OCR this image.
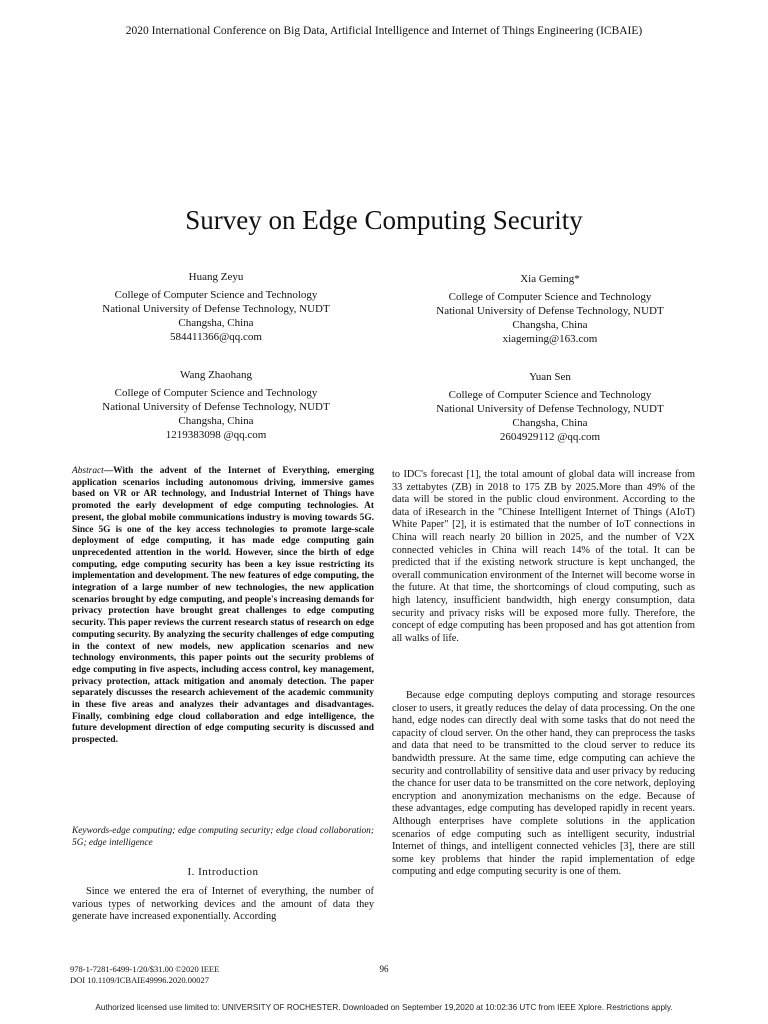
2020 International Conference on Big Data, Artificial Intelligence and Internet of Things Engineering (ICBAIE)
Survey on Edge Computing Security
Huang Zeyu
College of Computer Science and Technology
National University of Defense Technology, NUDT
Changsha, China
584411366@qq.com
Xia Geming*
College of Computer Science and Technology
National University of Defense Technology, NUDT
Changsha, China
xiageming@163.com
Wang Zhaohang
College of Computer Science and Technology
National University of Defense Technology, NUDT
Changsha, China
1219383098 @qq.com
Yuan Sen
College of Computer Science and Technology
National University of Defense Technology, NUDT
Changsha, China
2604929112 @qq.com
Abstract—With the advent of the Internet of Everything, emerging application scenarios including autonomous driving, immersive games based on VR or AR technology, and Industrial Internet of Things have promoted the early development of edge computing technologies. At present, the global mobile communications industry is moving towards 5G. Since 5G is one of the key access technologies to promote large-scale deployment of edge computing, it has made edge computing gain unprecedented attention in the world. However, since the birth of edge computing, edge computing security has been a key issue restricting its implementation and development. The new features of edge computing, the integration of a large number of new technologies, the new application scenarios brought by edge computing, and people's increasing demands for privacy protection have brought great challenges to edge computing security. This paper reviews the current research status of research on edge computing security. By analyzing the security challenges of edge computing in the context of new models, new application scenarios and new technology environments, this paper points out the security problems of edge computing in five aspects, including access control, key management, privacy protection, attack mitigation and anomaly detection. The paper separately discusses the research achievement of the academic community in these five areas and analyzes their advantages and disadvantages. Finally, combining edge cloud collaboration and edge intelligence, the future development direction of edge computing security is discussed and prospected.
Keywords-edge computing; edge computing security; edge cloud collaboration; 5G; edge intelligence
I. Introduction
Since we entered the era of Internet of everything, the number of various types of networking devices and the amount of data they generate have increased exponentially. According
to IDC's forecast [1], the total amount of global data will increase from 33 zettabytes (ZB) in 2018 to 175 ZB by 2025.More than 49% of the data will be stored in the public cloud environment. According to the data of iResearch in the "Chinese Intelligent Internet of Things (AIoT) White Paper" [2], it is estimated that the number of IoT connections in China will reach nearly 20 billion in 2025, and the number of V2X connected vehicles in China will reach 14% of the total. It can be predicted that if the existing network structure is kept unchanged, the overall communication environment of the Internet will become worse in the future. At that time, the shortcomings of cloud computing, such as high latency, insufficient bandwidth, high energy consumption, data security and privacy risks will be exposed more fully. Therefore, the concept of edge computing has been proposed and has got attention from all walks of life.
Because edge computing deploys computing and storage resources closer to users, it greatly reduces the delay of data processing. On the one hand, edge nodes can directly deal with some tasks that do not need the capacity of cloud server. On the other hand, they can preprocess the tasks and data that need to be transmitted to the cloud server to reduce its bandwidth pressure. At the same time, edge computing can achieve the security and controllability of sensitive data and user privacy by reducing the chance for user data to be transmitted on the core network, deploying encryption and anonymization mechanisms on the edge. Because of these advantages, edge computing has developed rapidly in recent years. Although enterprises have complete solutions in the application scenarios of edge computing such as intelligent security, industrial Internet of things, and intelligent connected vehicles [3], there are still some key problems that hinder the rapid implementation of edge computing and edge computing security is one of them.
978-1-7281-6499-1/20/$31.00 ©2020 IEEE
DOI 10.1109/ICBAIE49996.2020.00027
96
Authorized licensed use limited to: UNIVERSITY OF ROCHESTER. Downloaded on September 19,2020 at 10:02:36 UTC from IEEE Xplore. Restrictions apply.
